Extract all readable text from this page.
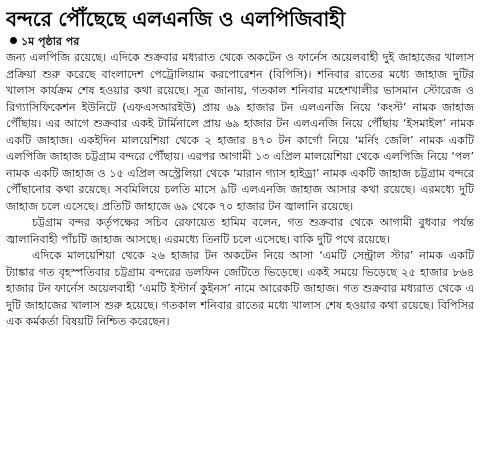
বন্দরে পৌঁছেছে এলএনজি ও এলপিজিবাহী
১ম পৃষ্ঠার পর

জন্য এলপিজি রয়েছে। এদিকে শুক্রবার মধ্যরাত থেকে অকটেন ও ফার্নেস অয়েলবাহী দুই জাহাজের খালাস প্রক্রিয়া শুরু করেছে বাংলাদেশ পেট্রোলিয়াম করপোরেশন (বিপিসি)। শনিবার রাতের মধ্যে জাহাজ দুটির খালাস কার্যক্রম শেষ হওয়ার কথা রয়েছে। সূত্র জানায়, গতকাল শনিবার মহেশখালীর ভাসমান স্টোরেজ ও রিগ্যাসিফিকেশন ইউনিটে (এফএসআরইউ) প্রায় ৬৯ হাজার টন এলএনজি নিয়ে ‘কংস্ট’ নামক জাহাজ পৌঁছায়। এর আগে শুক্রবার একই টার্মিনালে প্রায় ৬৯ হাজার টন এলএনজি নিয়ে পৌঁছায় ‘ইসমাইল’ নামক একটি জাহাজ। একইদিন মালয়েশিয়া থেকে ২ হাজার ৪৭০ টন কার্গো নিয়ে ‘মর্নিং জেলি’ নামক একটি এলপিজি জাহাজ চট্টগ্রাম বন্দরে পৌঁছায়। এরপর আগামী ১৩ এপ্রিল মালয়েশিয়া থেকে এলপিজি নিয়ে ‘পল’ নামক একটি জাহাজ ও ১৫ এপ্রিল অস্ট্রেলিয়া থেকে ‘মারান গ্যাস হাইড্রা’ নামক একটি জাহাজ চট্টগ্রাম বন্দরে পৌঁছানোর কথা রয়েছে। সবমিলিয়ে চলতি মাসে ৯টি এলএনজি জাহাজ আসার কথা রয়েছে। এরমধ্যে দুটি জাহাজ চলে এসেছে। প্রতিটি জাহাজে ৬৯ থেকে ৭০ হাজার টন জ্বালানি রয়েছে।

চট্টগ্রাম বন্দর কর্তৃপক্ষের সচিব রেফায়েত হামিম বলেন, গত শুক্রবার থেকে আগামী বুধবার পর্যন্ত জ্বালানিবাহী পাঁচটি জাহাজ আসছে। এরমধ্যে তিনটি চলে এসেছে। বাকি দুটি পথে রয়েছে।

এদিকে মালয়েশিয়া থেকে ২৬ হাজার টন অকটেন নিয়ে আসা ‘এমটি সেন্ট্রাল স্টার’ নামক একটি ট্যাঙ্কার গত বৃহস্পতিবার চট্টগ্রাম বন্দরের ডলফিন জেটিতে ভিড়েছে। একই সময়ে ভিড়েছে ২৫ হাজার ৮৬৪ হাজার টন ফার্নেস অয়েলবাহী ‘এমটি ইস্টার্ন কুইনস’ নামে আরেকটি জাহাজ। গত শুক্রবার মধ্যরাত থেকে এ দুটি জাহাজের খালাস শুরু হয়েছে। গতকাল শনিবার রাতের মধ্যে খালাস শেষ হওয়ার কথা রয়েছে। বিপিসির এক কর্মকর্তা বিষয়টি নিশ্চিত করেছেন।
